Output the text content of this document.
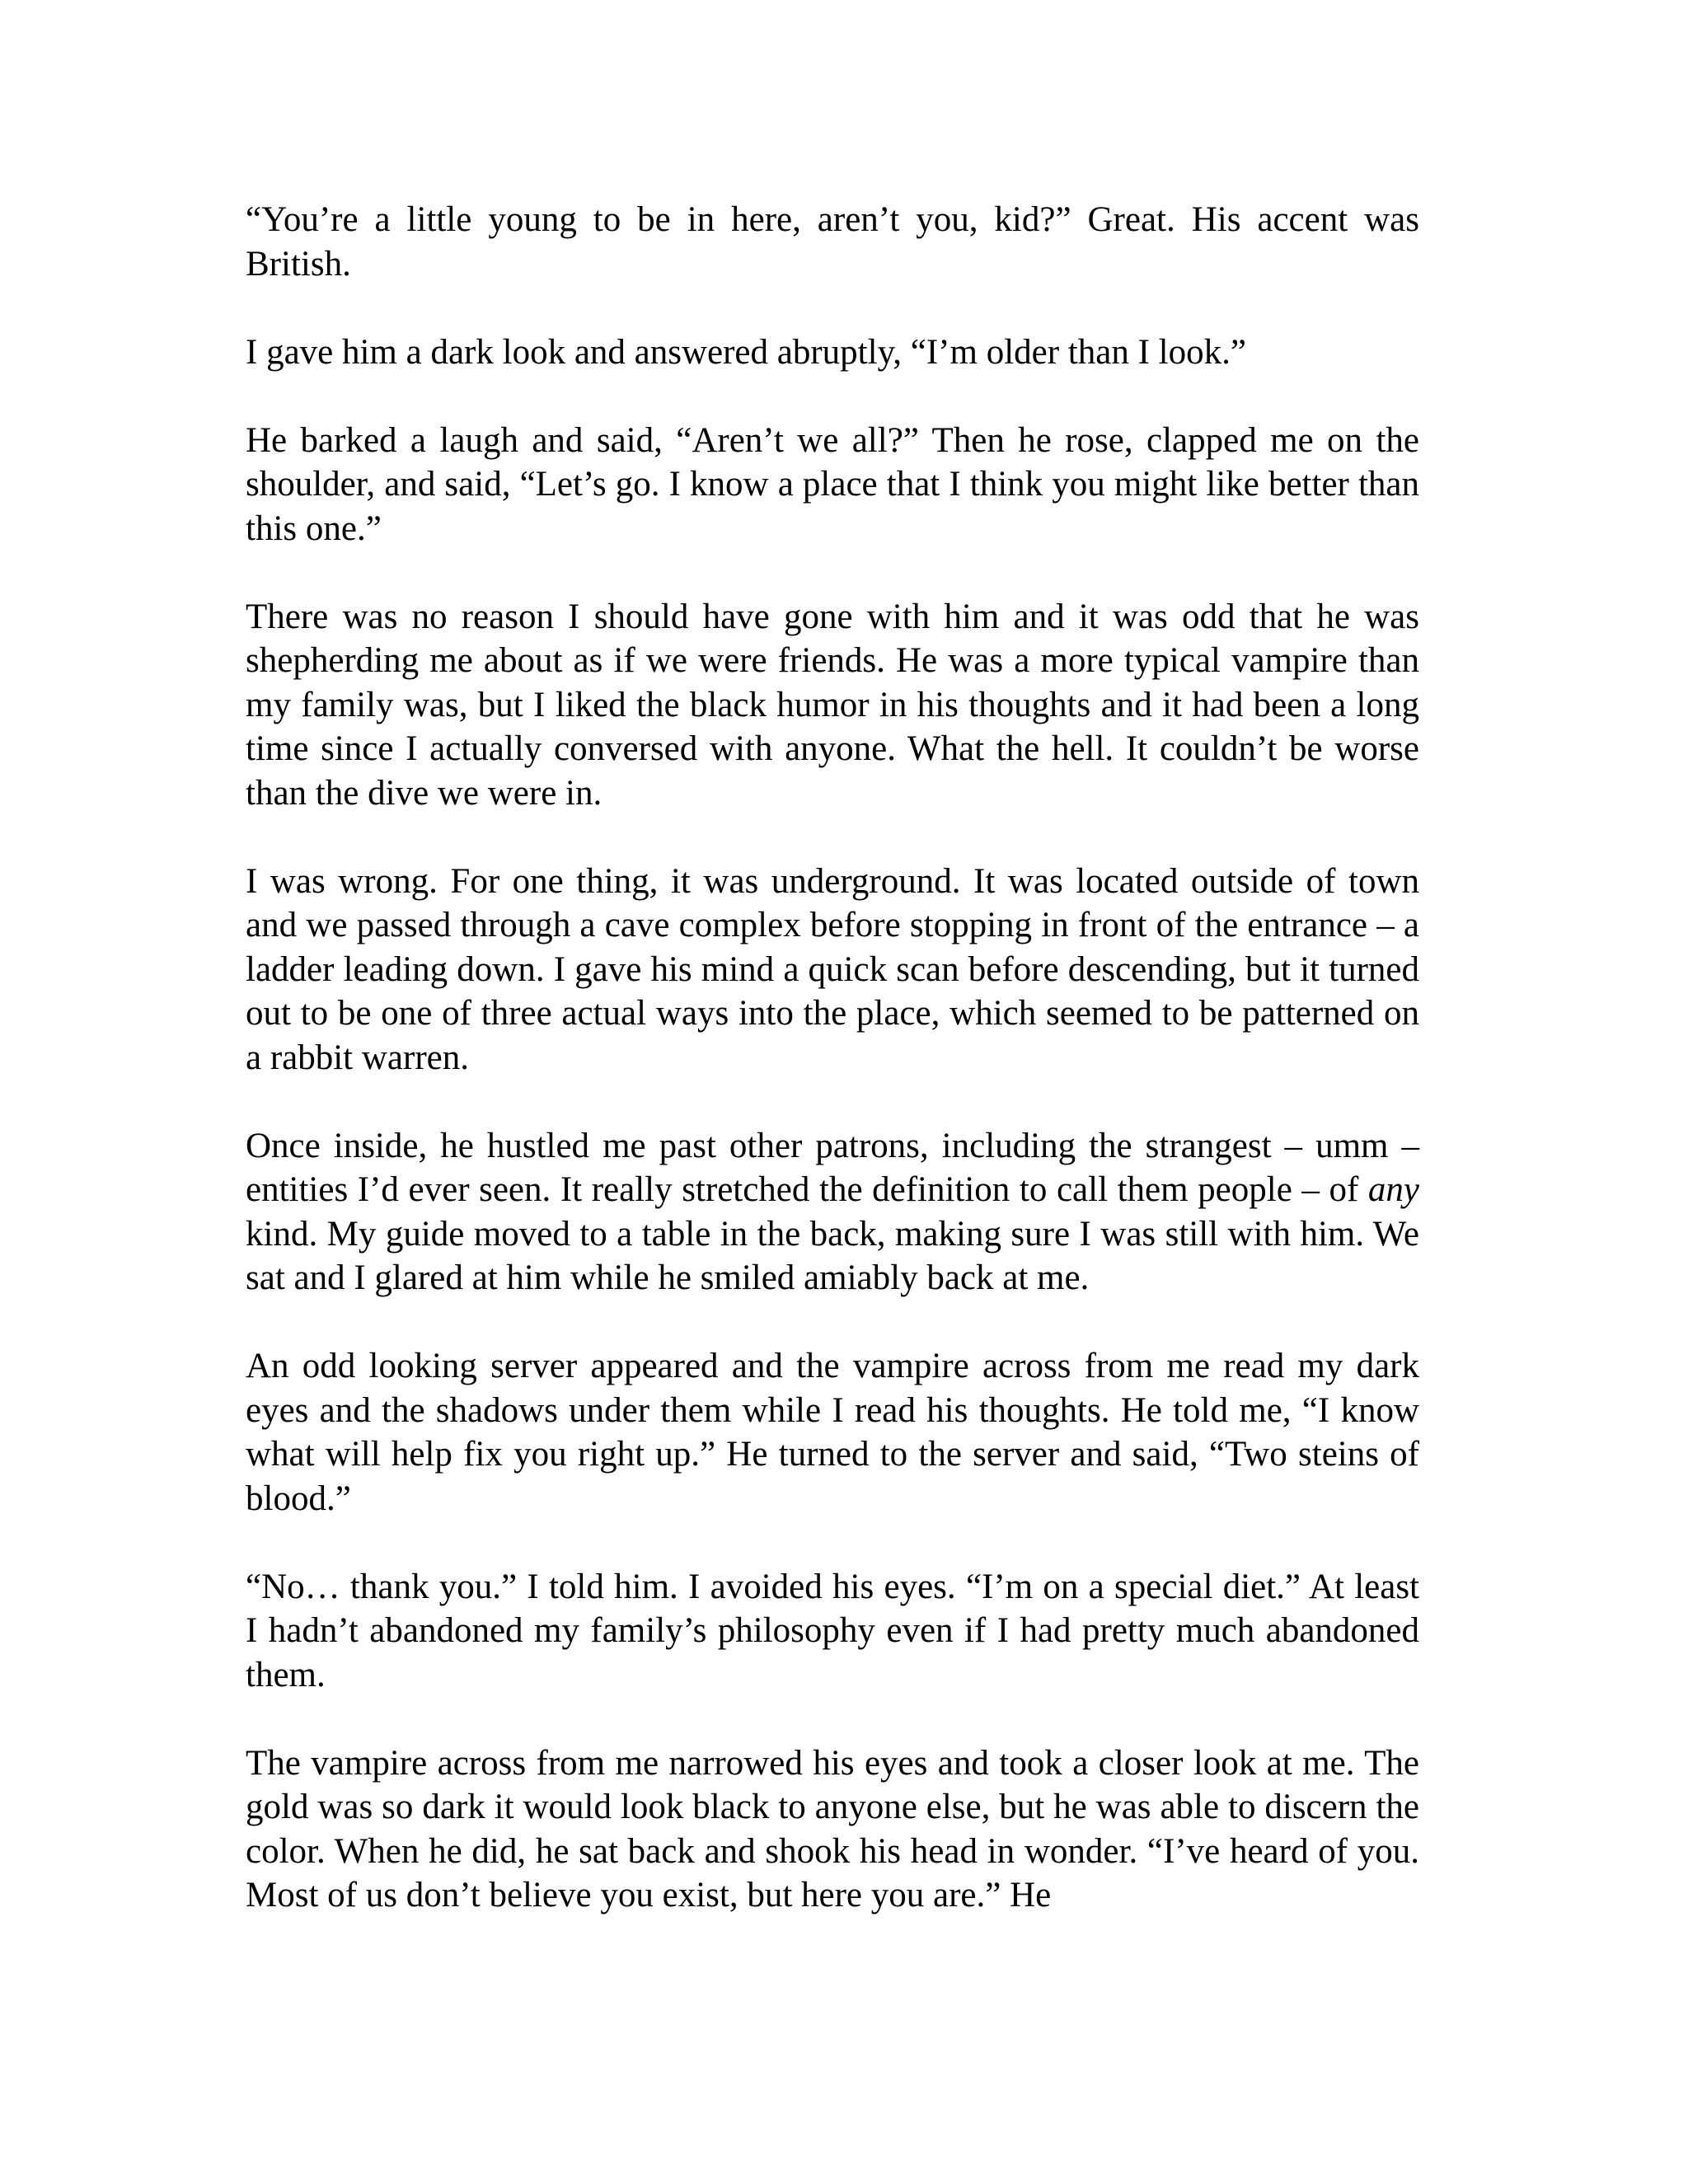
“You’re a little young to be in here, aren’t you, kid?” Great. His accent was British.

I gave him a dark look and answered abruptly, “I’m older than I look.”

He barked a laugh and said, “Aren’t we all?” Then he rose, clapped me on the shoulder, and said, “Let’s go. I know a place that I think you might like better than this one.”

There was no reason I should have gone with him and it was odd that he was shepherding me about as if we were friends. He was a more typical vampire than my family was, but I liked the black humor in his thoughts and it had been a long time since I actually conversed with anyone. What the hell. It couldn’t be worse than the dive we were in.

I was wrong. For one thing, it was underground. It was located outside of town and we passed through a cave complex before stopping in front of the entrance – a ladder leading down. I gave his mind a quick scan before descending, but it turned out to be one of three actual ways into the place, which seemed to be patterned on a rabbit warren.

Once inside, he hustled me past other patrons, including the strangest – umm – entities I’d ever seen. It really stretched the definition to call them people – of any kind. My guide moved to a table in the back, making sure I was still with him. We sat and I glared at him while he smiled amiably back at me.

An odd looking server appeared and the vampire across from me read my dark eyes and the shadows under them while I read his thoughts. He told me, “I know what will help fix you right up.” He turned to the server and said, “Two steins of blood.”

“No… thank you.” I told him. I avoided his eyes. “I’m on a special diet.” At least I hadn’t abandoned my family’s philosophy even if I had pretty much abandoned them.

The vampire across from me narrowed his eyes and took a closer look at me. The gold was so dark it would look black to anyone else, but he was able to discern the color. When he did, he sat back and shook his head in wonder. “I’ve heard of you. Most of us don’t believe you exist, but here you are.” He
